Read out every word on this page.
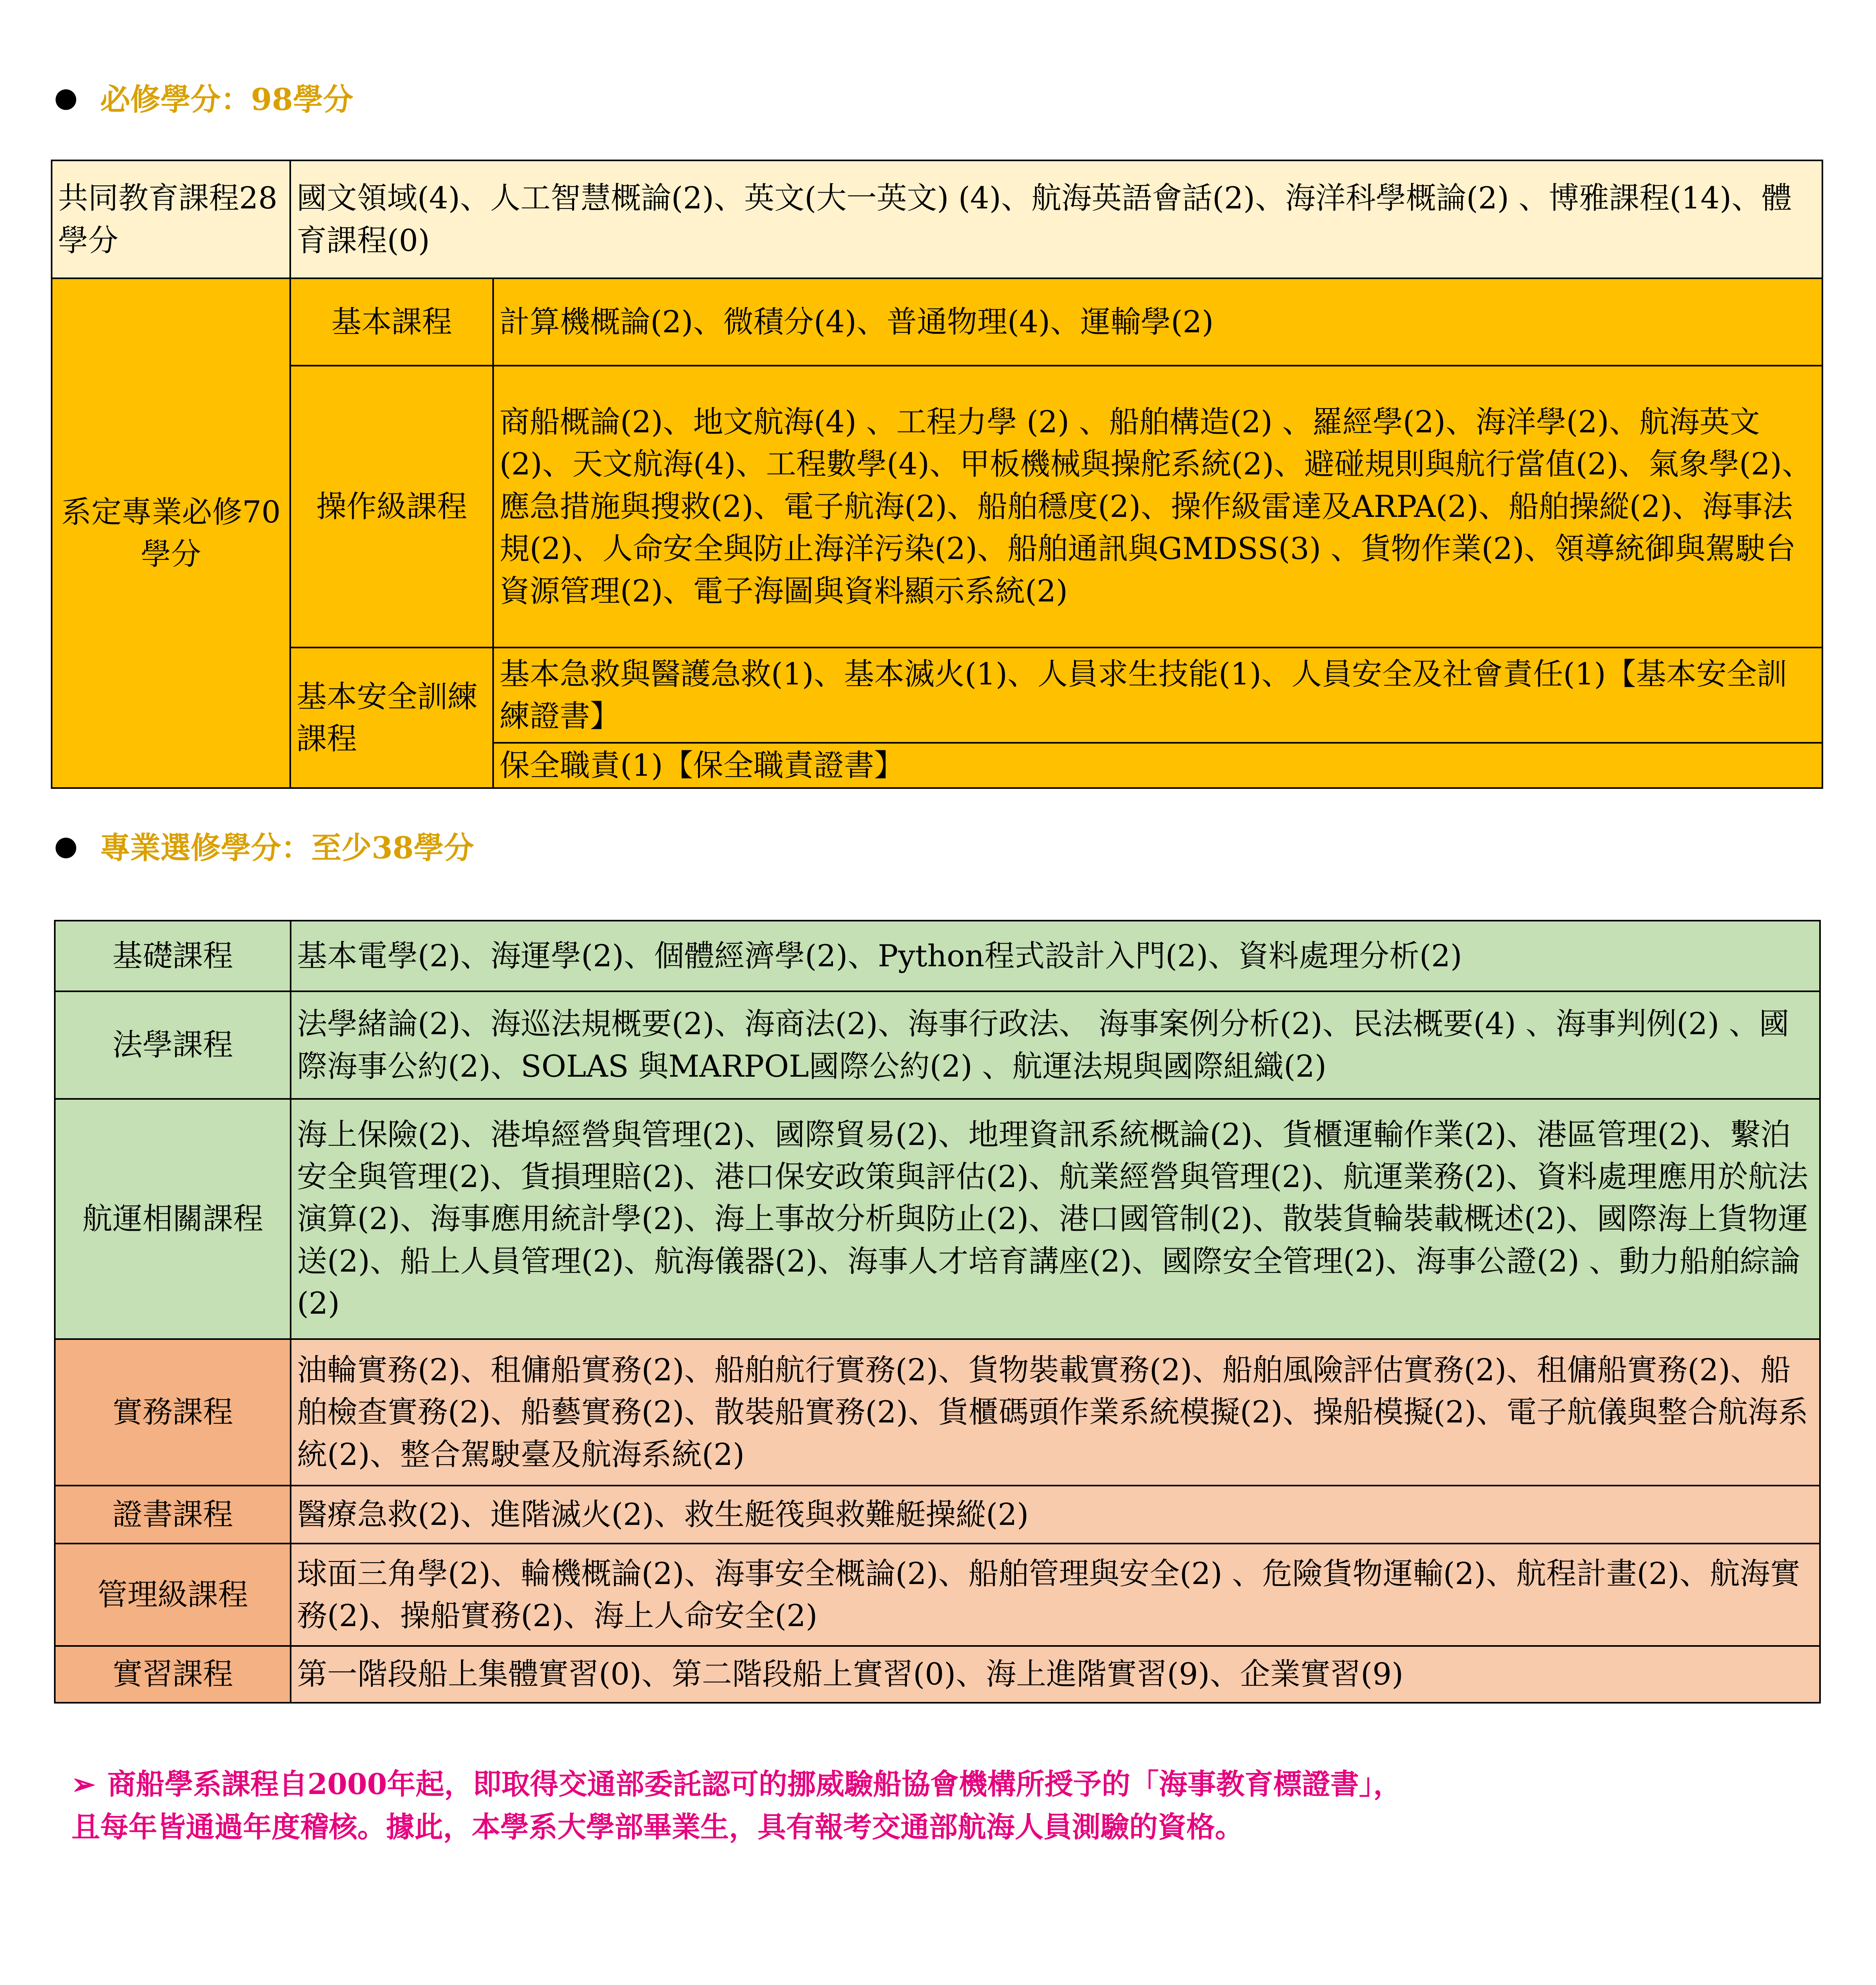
必修學分：98學分
共同教育課程28學分	國文領域(4)、人工智慧概論(2)、英文(大一英文) (4)、航海英語會話(2)、海洋科學概論(2) 、博雅課程(14)、體育課程(0)	
系定專業必修70學分	基本課程	計算機概論(2)、微積分(4)、普通物理(4)、運輸學(2)
	操作級課程	商船概論(2)、地文航海(4) 、工程力學 (2) 、船舶構造(2) 、羅經學(2)、海洋學(2)、航海英文(2)、天文航海(4)、工程數學(4)、甲板機械與操舵系統(2)、避碰規則與航行當值(2)、氣象學(2)、應急措施與搜救(2)、電子航海(2)、船舶穩度(2)、操作級雷達及ARPA(2)、船舶操縱(2)、海事法規(2)、人命安全與防止海洋污染(2)、船舶通訊與GMDSS(3) 、貨物作業(2)、領導統御與駕駛台資源管理(2)、電子海圖與資料顯示系統(2)
	基本安全訓練課程	基本急救與醫護急救(1)、基本滅火(1)、人員求生技能(1)、人員安全及社會責任(1)【基本安全訓練證書】
		保全職責(1)【保全職責證書】
專業選修學分：至少38學分
基礎課程	基本電學(2)、海運學(2)、個體經濟學(2)、Python程式設計入門(2)、資料處理分析(2)
法學課程	法學緒論(2)、海巡法規概要(2)、海商法(2)、海事行政法、 海事案例分析(2)、民法概要(4) 、海事判例(2) 、國際海事公約(2)、SOLAS 與MARPOL國際公約(2) 、航運法規與國際組織(2)
航運相關課程	海上保險(2)、港埠經營與管理(2)、國際貿易(2)、地理資訊系統概論(2)、貨櫃運輸作業(2)、港區管理(2)、繫泊安全與管理(2)、貨損理賠(2)、港口保安政策與評估(2)、航業經營與管理(2)、航運業務(2)、資料處理應用於航法演算(2)、海事應用統計學(2)、海上事故分析與防止(2)、港口國管制(2)、散裝貨輪裝載概述(2)、國際海上貨物運送(2)、船上人員管理(2)、航海儀器(2)、海事人才培育講座(2)、國際安全管理(2)、海事公證(2) 、動力船舶綜論(2)
實務課程	油輪實務(2)、租傭船實務(2)、船舶航行實務(2)、貨物裝載實務(2)、船舶風險評估實務(2)、租傭船實務(2)、船舶檢查實務(2)、船藝實務(2)、散裝船實務(2)、貨櫃碼頭作業系統模擬(2)、操船模擬(2)、電子航儀與整合航海系統(2)、整合駕駛臺及航海系統(2)
證書課程	醫療急救(2)、進階滅火(2)、救生艇筏與救難艇操縱(2)
管理級課程	球面三角學(2)、輪機概論(2)、海事安全概論(2)、船舶管理與安全(2) 、危險貨物運輸(2)、航程計畫(2)、航海實務(2)、操船實務(2)、海上人命安全(2)
實習課程	第一階段船上集體實習(0)、第二階段船上實習(0)、海上進階實習(9)、企業實習(9)
➢ 商船學系課程自2000年起，即取得交通部委託認可的挪威驗船協會機構所授予的「海事教育標證書」，
且每年皆通過年度稽核。據此，本學系大學部畢業生，具有報考交通部航海人員測驗的資格。
